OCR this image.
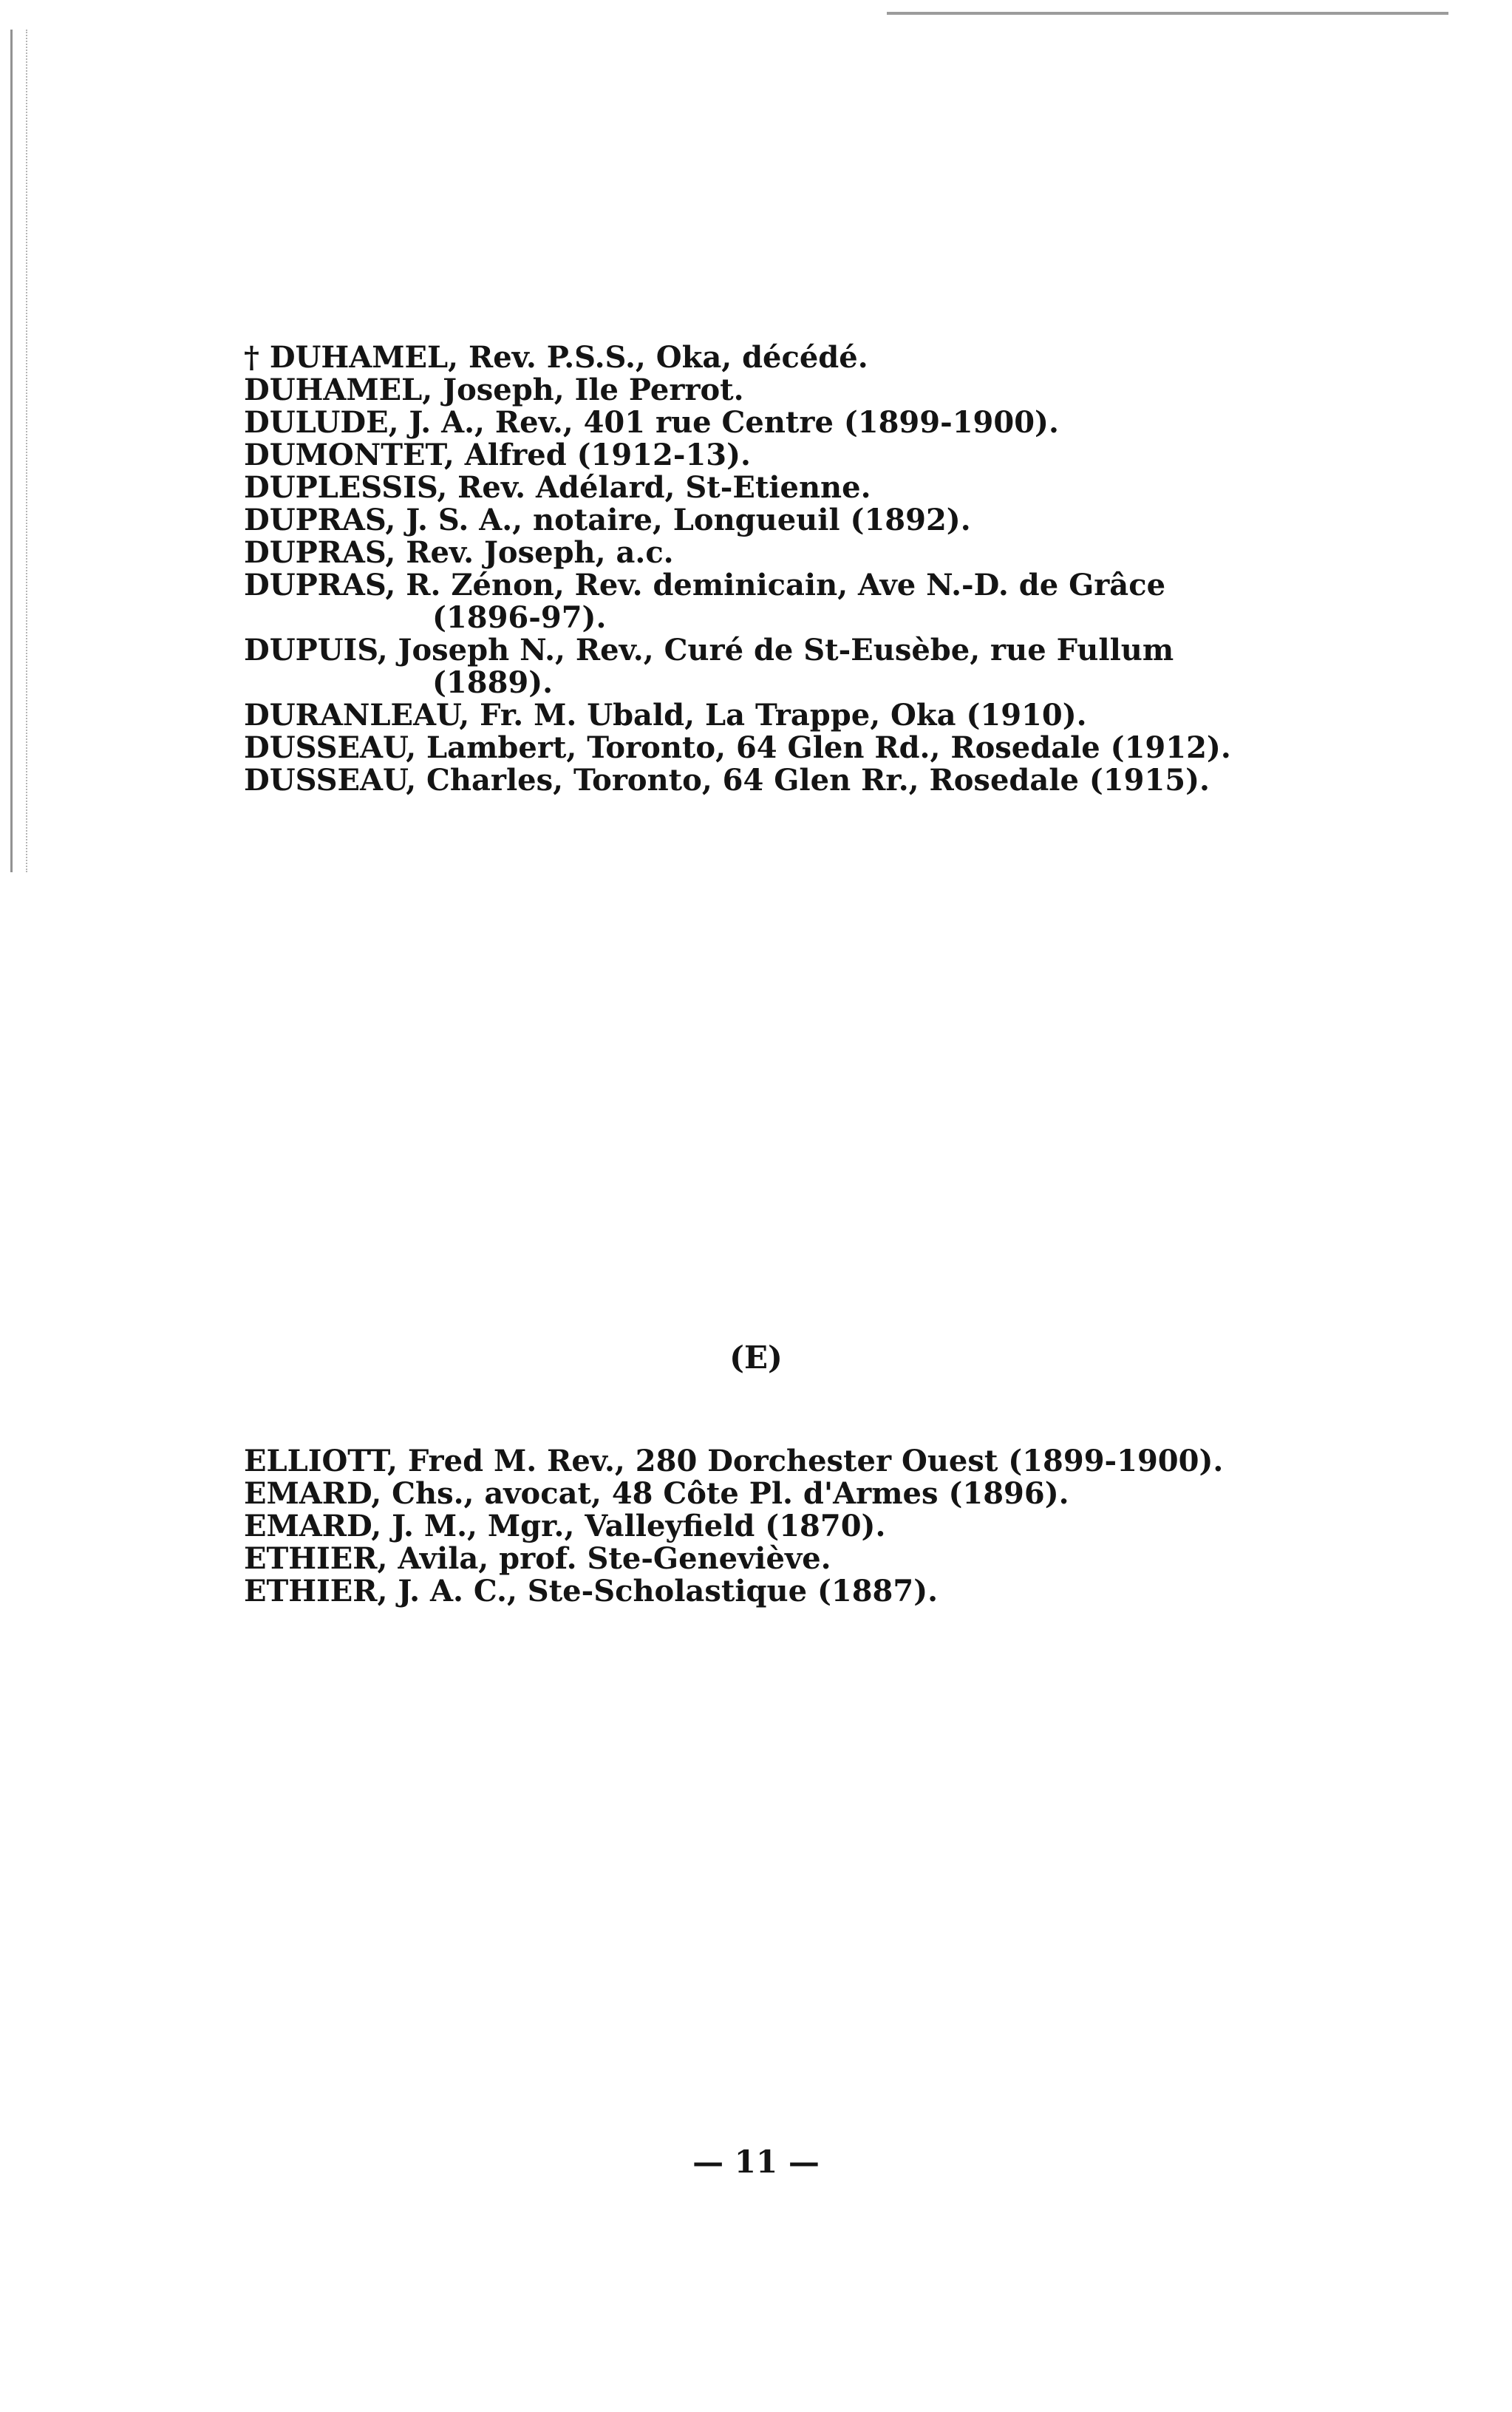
† DUHAMEL, Rev. P.S.S., Oka, décédé.
DUHAMEL, Joseph, Ile Perrot.
DULUDE, J. A., Rev., 401 rue Centre (1899-1900).
DUMONTET, Alfred (1912-13).
DUPLESSIS, Rev. Adélard, St-Etienne.
DUPRAS, J. S. A., notaire, Longueuil (1892).
DUPRAS, Rev. Joseph, a.c.
DUPRAS, R. Zénon, Rev. deminicain, Ave N.-D. de Grâce
(1896-97).
DUPUIS, Joseph N., Rev., Curé de St-Eusèbe, rue Fullum
(1889).
DURANLEAU, Fr. M. Ubald, La Trappe, Oka (1910).
DUSSEAU, Lambert, Toronto, 64 Glen Rd., Rosedale (1912).
DUSSEAU, Charles, Toronto, 64 Glen Rr., Rosedale (1915).
(E)
ELLIOTT, Fred M. Rev., 280 Dorchester Ouest (1899-1900).
EMARD, Chs., avocat, 48 Côte Pl. d'Armes (1896).
EMARD, J. M., Mgr., Valleyfield (1870).
ETHIER, Avila, prof. Ste-Geneviève.
ETHIER, J. A. C., Ste-Scholastique (1887).

— 11 —
